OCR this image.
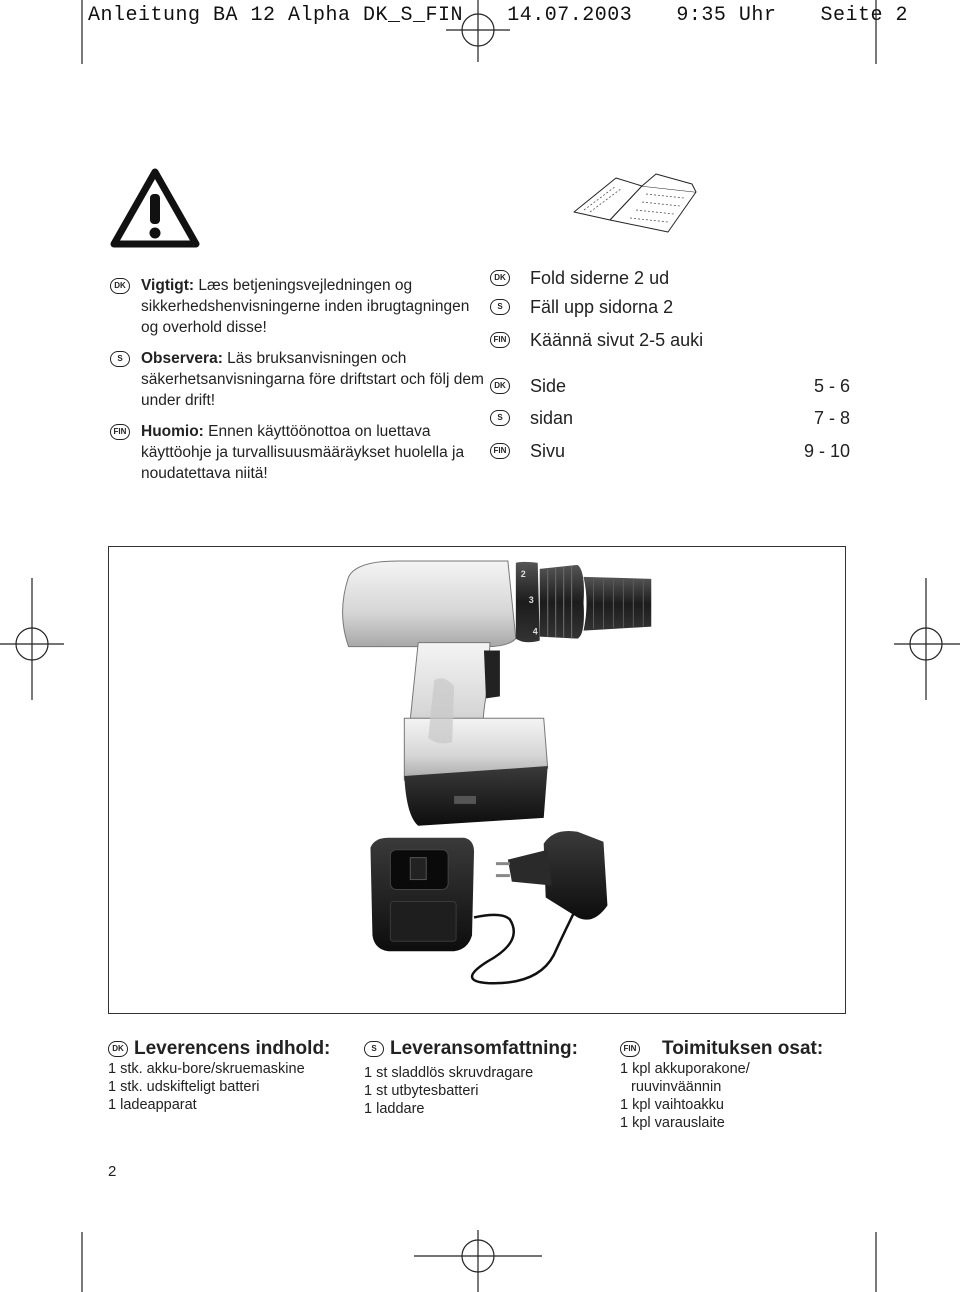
Anleitung BA 12 Alpha DK_S_FIN 14.07.2003 9:35 Uhr Seite 2
DK Vigtigt: Læs betjeningsvejledningen og sikkerhedshenvisningerne inden ibrugtagningen og overhold disse!
S	Observera: Läs bruksanvisningen och säkerhetsanvisningarna före driftstart och följ dem under drift!
FIN Huomio: Ennen käyttöönottoa on luettava käyttöohje ja turvallisuusmääräykset huolella ja noudatettava niitä!
DK Fold siderne 2 ud
S	Fäll upp sidorna 2
FIN Käännä sivut 2-5 auki
DK Side	5 - 6
S	sidan	7 - 8
FIN Sivu	9 - 10
2
3
4
DK Leverencens indhold:
1 stk. akku-bore/skruemaskine
1 stk. udskifteligt batteri
1 ladeapparat
S Leveransomfattning:
1 st sladdlös skruvdragare
1 st utbytesbatteri
1 laddare
FIN Toimituksen osat:
1 kpl akkuporakone/
ruuvinväännin
1 kpl vaihtoakku
1 kpl varauslaite
2
